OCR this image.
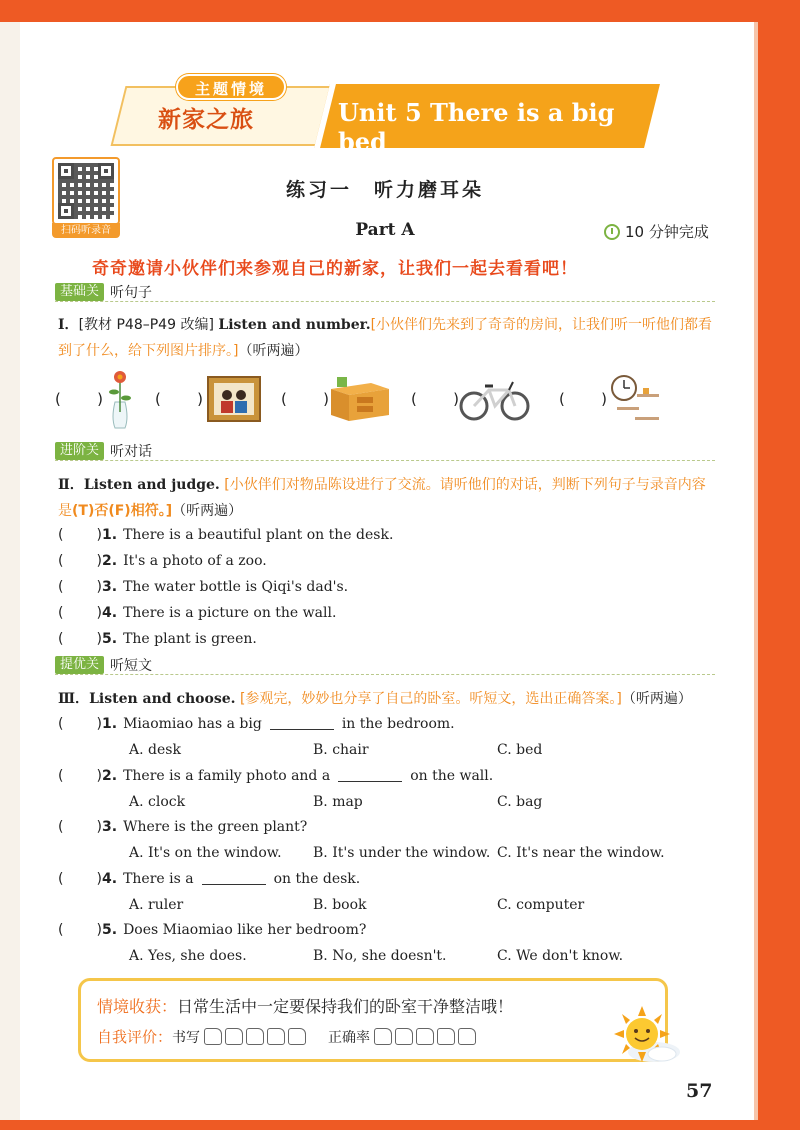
主题情境
新家之旅	Unit 5 There is a big bed
扫码听录音
练习一　听力磨耳朵
Part A	10 分钟完成
奇奇邀请小伙伴们来参观自己的新家，让我们一起去看看吧！
基础关 听句子
Ⅰ．[教材 P48–P49 改编] Listen and number.[小伙伴们先来到了奇奇的房间，让我们听一听他们都看到了什么，给下列图片排序。]（听两遍）
( )	( )	( )	( )	( )
进阶关 听对话
Ⅱ．Listen and judge. [小伙伴们对物品陈设进行了交流。请听他们的对话，判断下列句子与录音内容是(T)否(F)相符。]（听两遍）
( ) 1. There is a beautiful plant on the desk.
( ) 2. It's a photo of a zoo.
( ) 3. The water bottle is Qiqi's dad's.
( ) 4. There is a picture on the wall.
( ) 5. The plant is green.
提优关 听短文
Ⅲ．Listen and choose. [参观完，妙妙也分享了自己的卧室。听短文，选出正确答案。]（听两遍）
( ) 1. Miaomiao has a big	in the bedroom.
A. desk	B. chair	C. bed
( ) 2. There is a family photo and a	on the wall.
A. clock	B. map	C. bag
( ) 3. Where is the green plant?
A. It's on the window.	B. It's under the window. C. It's near the window.
( ) 4. There is a	on the desk.
A. ruler	B. book	C. computer
( ) 5. Does Miaomiao like her bedroom?
A. Yes, she does.	B. No, she doesn't.	C. We don't know.
情境收获：日常生活中一定要保持我们的卧室干净整洁哦！
自我评价： 书写	正确率
57
